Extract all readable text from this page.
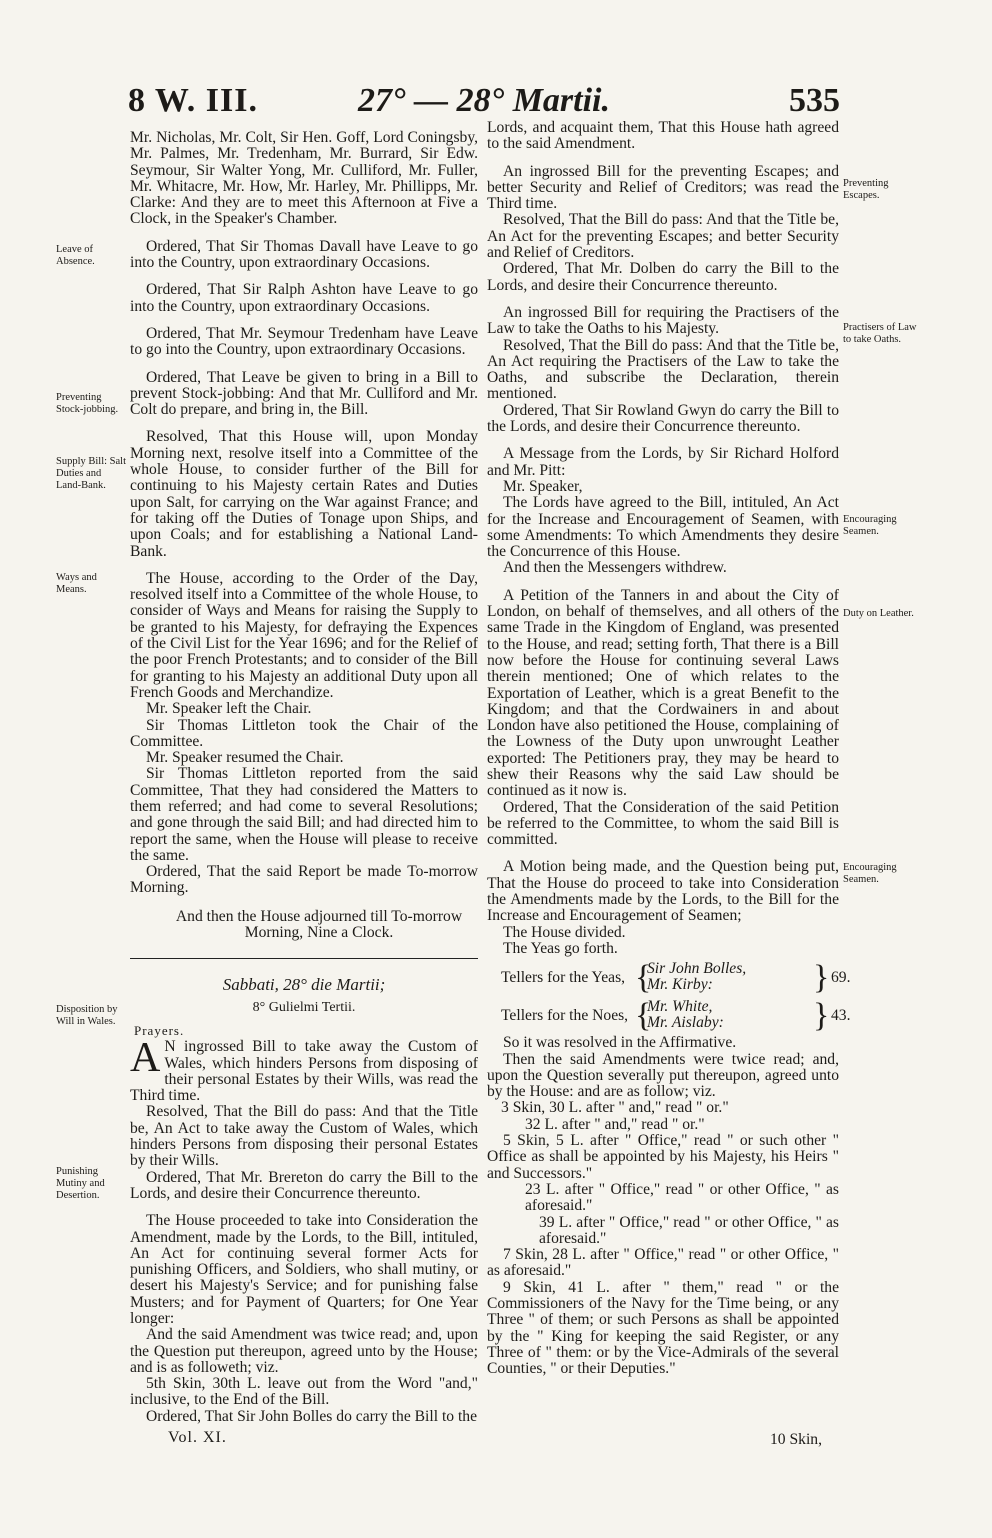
27° — 28° Martii.
8 W. III.	535
Leave of Absence.
Preventing Stock-jobbing.
Supply Bill: Salt Duties and Land-Bank.
Ways and Means.
Disposition by Will in Wales.
Punishing Mutiny and Desertion.
Preventing Escapes.
Practisers of Law to take Oaths.
Encouraging Seamen.
Duty on Leather.
Encouraging Seamen.

Mr. Nicholas, Mr. Colt, Sir Hen. Goff, Lord Coningsby, Mr. Palmes, Mr. Tredenham, Mr. Burrard, Sir Edw. Seymour, Sir Walter Yong, Mr. Culliford, Mr. Fuller, Mr. Whitacre, Mr. How, Mr. Harley, Mr. Phillipps, Mr. Clarke: And they are to meet this Afternoon at Five a Clock, in the Speaker's Chamber.

Ordered, That Sir Thomas Davall have Leave to go into the Country, upon extraordinary Occasions.

Ordered, That Sir Ralph Ashton have Leave to go into the Country, upon extraordinary Occasions.

Ordered, That Mr. Seymour Tredenham have Leave to go into the Country, upon extraordinary Occasions.

Ordered, That Leave be given to bring in a Bill to prevent Stock-jobbing: And that Mr. Culliford and Mr. Colt do prepare, and bring in, the Bill.

Resolved, That this House will, upon Monday Morning next, resolve itself into a Committee of the whole House, to consider further of the Bill for continuing to his Majesty certain Rates and Duties upon Salt, for carrying on the War against France; and for taking off the Duties of Tonage upon Ships, and upon Coals; and for establishing a National Land-Bank.

The House, according to the Order of the Day, resolved itself into a Committee of the whole House, to consider of Ways and Means for raising the Supply to be granted to his Majesty, for defraying the Expences of the Civil List for the Year 1696; and for the Relief of the poor French Protestants; and to consider of the Bill for granting to his Majesty an additional Duty upon all French Goods and Merchandize.

Mr. Speaker left the Chair.

Sir Thomas Littleton took the Chair of the Committee.

Mr. Speaker resumed the Chair.

Sir Thomas Littleton reported from the said Committee, That they had considered the Matters to them referred; and had come to several Resolutions; and gone through the said Bill; and had directed him to report the same, when the House will please to receive the same.

Ordered, That the said Report be made To-morrow Morning.

And then the House adjourned till To-morrow Morning, Nine a Clock.

Sabbati, 28° die Martii;
8° Gulielmi Tertii.

Prayers.

A N ingrossed Bill to take away the Custom of Wales, which hinders Persons from disposing of their personal Estates by their Wills, was read the Third time.

Resolved, That the Bill do pass: And that the Title be, An Act to take away the Custom of Wales, which hinders Persons from disposing their personal Estates by their Wills.

Ordered, That Mr. Brereton do carry the Bill to the Lords, and desire their Concurrence thereunto.

The House proceeded to take into Consideration the Amendment, made by the Lords, to the Bill, intituled, An Act for continuing several former Acts for punishing Officers, and Soldiers, who shall mutiny, or desert his Majesty's Service; and for punishing false Musters; and for Payment of Quarters; for One Year longer:

And the said Amendment was twice read; and, upon the Question put thereupon, agreed unto by the House; and is as followeth; viz.

5th Skin, 30th L. leave out from the Word "and," inclusive, to the End of the Bill.

Ordered, That Sir John Bolles do carry the Bill to the

Lords, and acquaint them, That this House hath agreed to the said Amendment.

An ingrossed Bill for the preventing Escapes; and better Security and Relief of Creditors; was read the Third time.

Resolved, That the Bill do pass: And that the Title be, An Act for the preventing Escapes; and better Security and Relief of Creditors.

Ordered, That Mr. Dolben do carry the Bill to the Lords, and desire their Concurrence thereunto.

An ingrossed Bill for requiring the Practisers of the Law to take the Oaths to his Majesty.

Resolved, That the Bill do pass: And that the Title be, An Act requiring the Practisers of the Law to take the Oaths, and subscribe the Declaration, therein mentioned.

Ordered, That Sir Rowland Gwyn do carry the Bill to the Lords, and desire their Concurrence thereunto.

A Message from the Lords, by Sir Richard Holford and Mr. Pitt:

Mr. Speaker,

The Lords have agreed to the Bill, intituled, An Act for the Increase and Encouragement of Seamen, with some Amendments: To which Amendments they desire the Concurrence of this House.

And then the Messengers withdrew.

A Petition of the Tanners in and about the City of London, on behalf of themselves, and all others of the same Trade in the Kingdom of England, was presented to the House, and read; setting forth, That there is a Bill now before the House for continuing several Laws therein mentioned; One of which relates to the Exportation of Leather, which is a great Benefit to the Kingdom; and that the Cordwainers in and about London have also petitioned the House, complaining of the Lowness of the Duty upon unwrought Leather exported: The Petitioners pray, they may be heard to shew their Reasons why the said Law should be continued as it now is.

Ordered, That the Consideration of the said Petition be referred to the Committee, to whom the said Bill is committed.

A Motion being made, and the Question being put, That the House do proceed to take into Consideration the Amendments made by the Lords, to the Bill for the Increase and Encouragement of Seamen;

The House divided.

The Yeas go forth.

Tellers for the Yeas, {
Sir John Bolles,
Mr. Kirby:	} 69.
Tellers for the Noes, {
Mr. White,
Mr. Aislaby:	} 43.

So it was resolved in the Affirmative.

Then the said Amendments were twice read; and, upon the Question severally put thereupon, agreed unto by the House: and are as follow; viz.

3 Skin, 30 L. after " and," read " or."

32 L. after " and," read " or."

5 Skin, 5 L. after " Office," read " or such other " Office as shall be appointed by his Majesty, his Heirs " and Successors."

23 L. after " Office," read " or other Office, " as aforesaid."

39 L. after " Office," read " or other Office, " as aforesaid."

7 Skin, 28 L. after " Office," read " or other Office, " as aforesaid."

9 Skin, 41 L. after " them," read " or the Commissioners of the Navy for the Time being, or any Three " of them; or such Persons as shall be appointed by the " King for keeping the said Register, or any Three of " them: or by the Vice-Admirals of the several Counties, " or their Deputies."

Vol. XI.	10 Skin,
